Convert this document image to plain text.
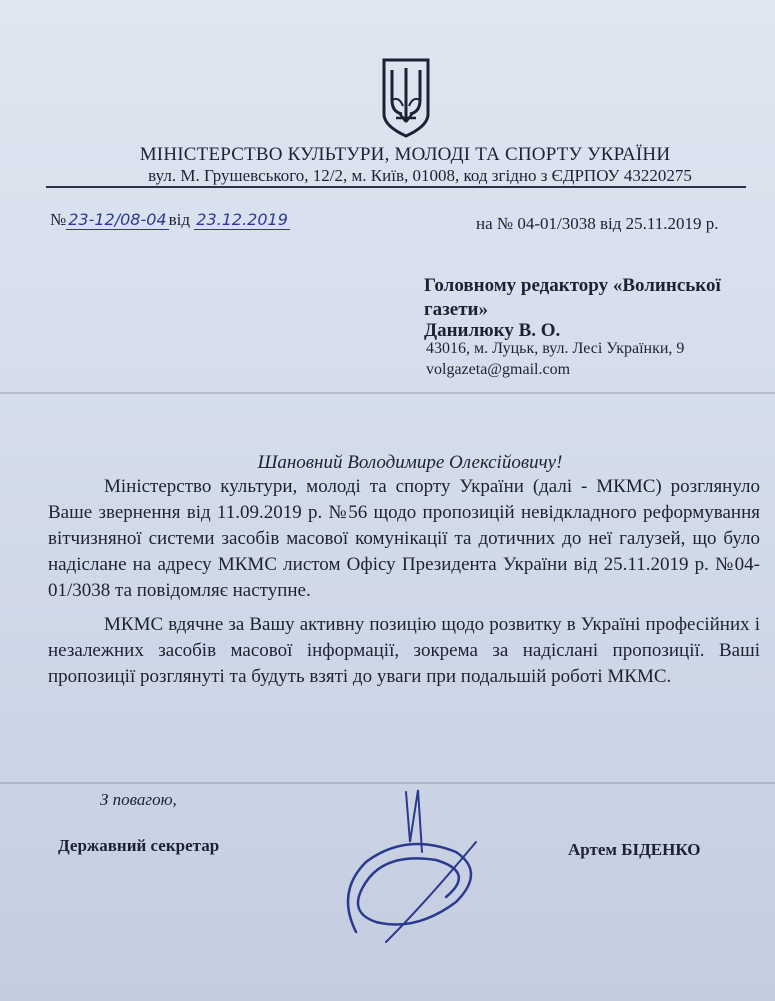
МІНІСТЕРСТВО КУЛЬТУРИ, МОЛОДІ ТА СПОРТУ УКРАЇНИ
вул. М. Грушевського, 12/2, м. Київ, 01008, код згідно з ЄДРПОУ 43220275
№ 23-12/08-04 від 23.12.2019	на № 04-01/3038 від 25.11.2019 р.
Головному редактору «Волинської газети»
Данилюку В. О.
43016, м. Луцьк, вул. Лесі Українки, 9
volgazeta@gmail.com
Шановний Володимире Олексійовичу!
Міністерство культури, молоді та спорту України (далі - МКМС) розглянуло Ваше звернення від 11.09.2019 р. №56 щодо пропозицій невідкладного реформування вітчизняної системи засобів масової комунікації та дотичних до неї галузей, що було надіслане на адресу МКМС листом Офісу Президента України від 25.11.2019 р. №04-01/3038 та повідомляє наступне.
МКМС вдячне за Вашу активну позицію щодо розвитку в Україні професійних і незалежних засобів масової інформації, зокрема за надіслані пропозиції. Ваші пропозиції розглянуті та будуть взяті до уваги при подальшій роботі МКМС.
З повагою,
Державний секретар	Артем БІДЕНКО
